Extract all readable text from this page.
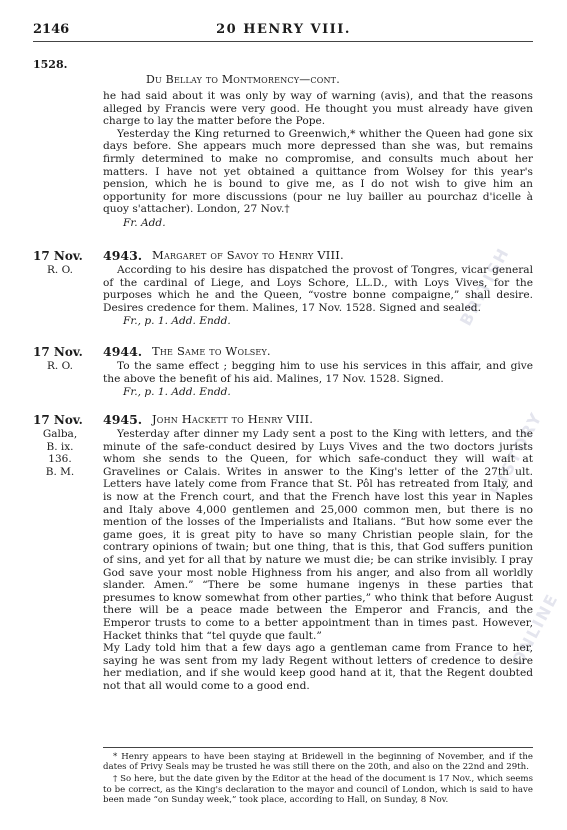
BRITISH
HISTORY
ONLINE
2146	20 HENRY VIII.
1528.
Du Bellay to Montmorency—cont.

he had said about it was only by way of warning (avis), and that the reasons alleged by Francis were very good. He thought you must already have given charge to lay the matter before the Pope.

Yesterday the King returned to Greenwich,* whither the Queen had gone six days before. She appears much more depressed than she was, but remains firmly determined to make no compromise, and consults much about her matters. I have not yet obtained a quittance from Wolsey for this year's pension, which he is bound to give me, as I do not wish to give him an opportunity for more discussions (pour ne luy bailler au pourchaz d'icelle à quoy s'attacher). London, 27 Nov.†

Fr. Add.

17 Nov.
R. O.
4943. Margaret of Savoy to Henry VIII.

According to his desire has dispatched the provost of Tongres, vicar general of the cardinal of Liege, and Loys Schore, LL.D., with Loys Vives, for the purposes which he and the Queen, “vostre bonne compaigne,” shall desire. Desires credence for them. Malines, 17 Nov. 1528. Signed and sealed.

Fr., p. 1. Add. Endd.

17 Nov.
R. O.
4944. The Same to Wolsey.

To the same effect ; begging him to use his services in this affair, and give the above the benefit of his aid. Malines, 17 Nov. 1528. Signed.

Fr., p. 1. Add. Endd.

17 Nov.
Galba, B. ix.
136.
B. M.
4945. John Hackett to Henry VIII.

Yesterday after dinner my Lady sent a post to the King with letters, and the minute of the safe-conduct desired by Luys Vives and the two doctors jurists whom she sends to the Queen, for which safe-conduct they will wait at Gravelines or Calais. Writes in answer to the King's letter of the 27th ult. Letters have lately come from France that St. Pôl has retreated from Italy, and is now at the French court, and that the French have lost this year in Naples and Italy above 4,000 gentlemen and 25,000 common men, but there is no mention of the losses of the Imperialists and Italians. “But how some ever the game goes, it is great pity to have so many Christian people slain, for the contrary opinions of twain; but one thing, that is this, that God suffers punition of sins, and yet for all that by nature we must die; be can strike invisibly. I pray God save your most noble Highness from his anger, and also from all worldly slander. Amen.” “There be some humane ingenys in these parties that presumes to know somewhat from other parties,” who think that before August there will be a peace made between the Emperor and Francis, and the Emperor trusts to come to a better appointment than in times past. However, Hacket thinks that “tel quyde que fault.”

My Lady told him that a few days ago a gentleman came from France to her, saying he was sent from my lady Regent without letters of credence to desire her mediation, and if she would keep good hand at it, that the Regent doubted not that all would come to a good end.

* Henry appears to have been staying at Bridewell in the beginning of November, and if the dates of Privy Seals may be trusted he was still there on the 20th, and also on the 22nd and 29th.

† So here, but the date given by the Editor at the head of the document is 17 Nov., which seems to be correct, as the King's declaration to the mayor and council of London, which is said to have been made “on Sunday week,” took place, according to Hall, on Sunday, 8 Nov.
